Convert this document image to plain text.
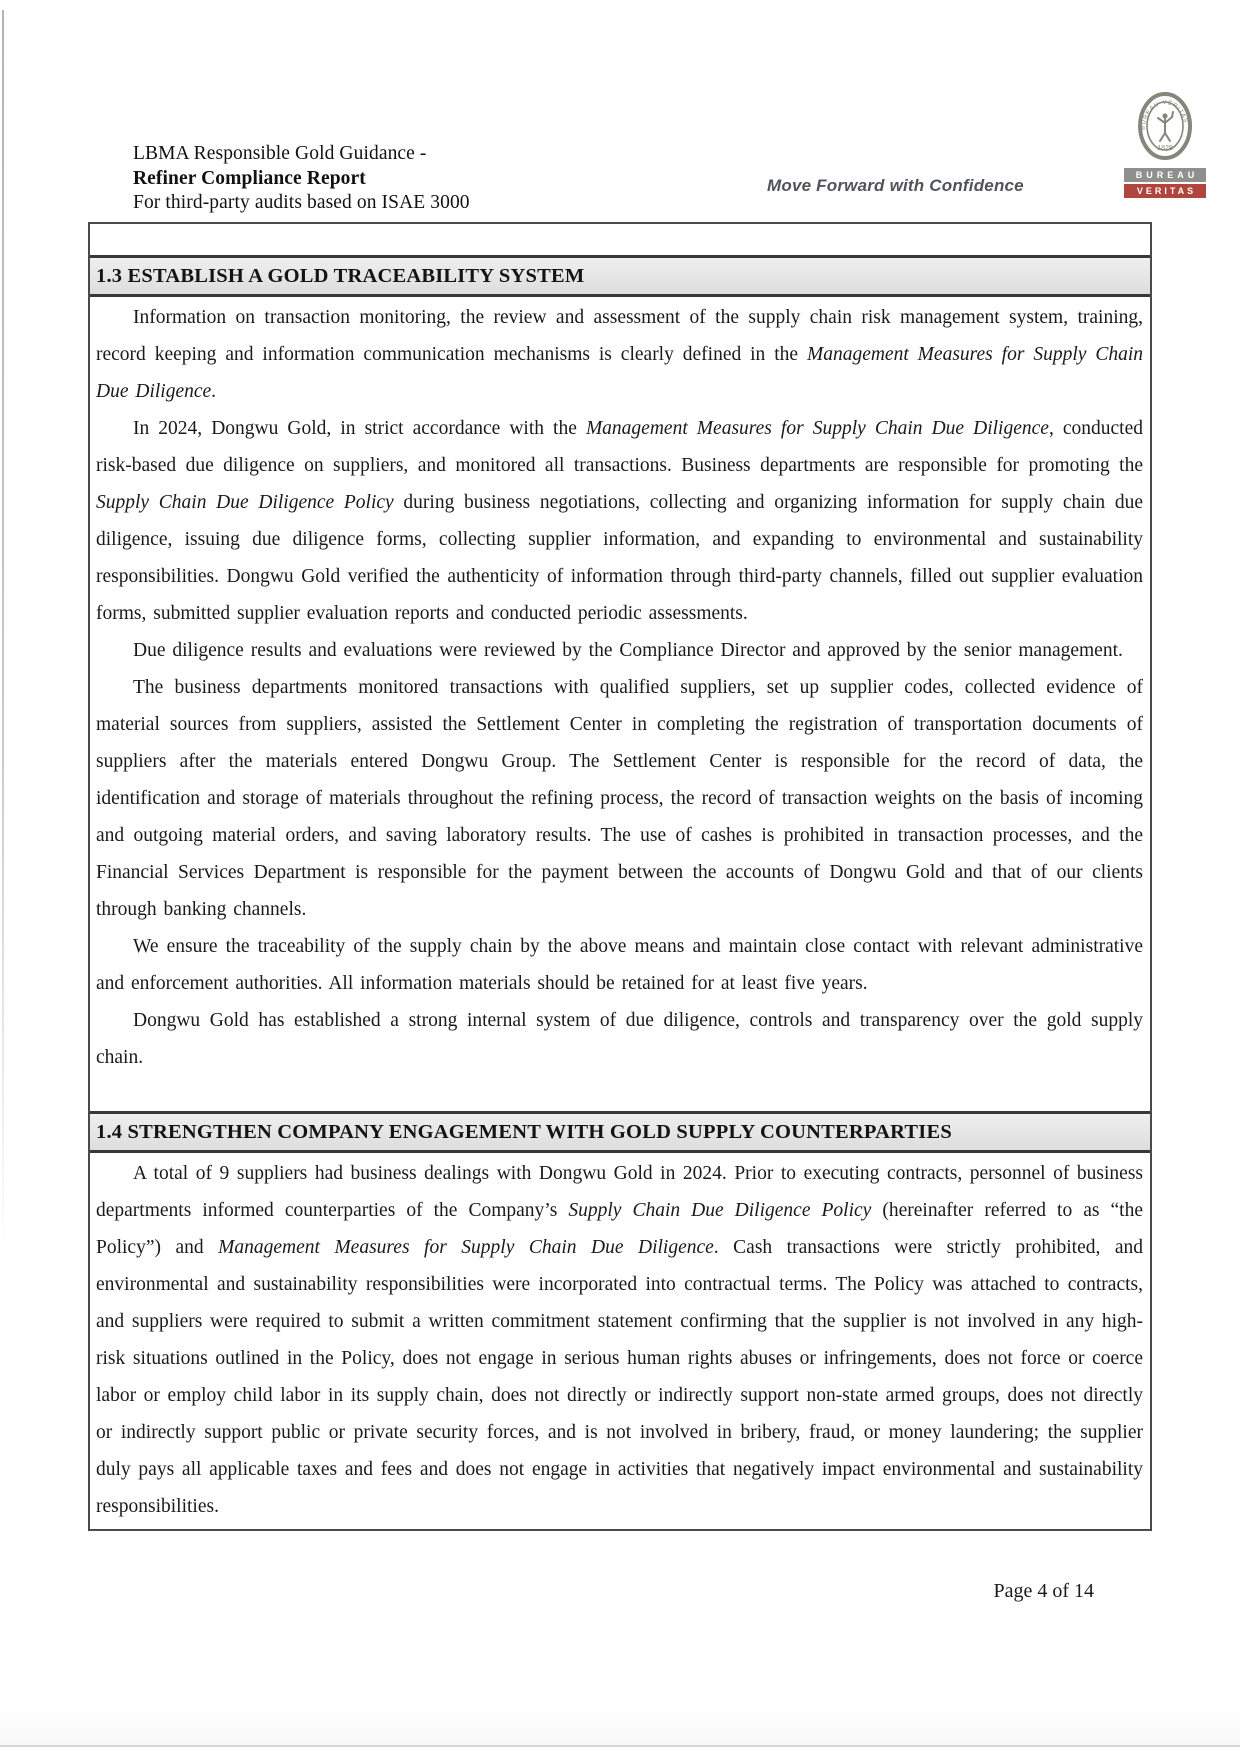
LBMA Responsible Gold Guidance -
Refiner Compliance Report
For third-party audits based on ISAE 3000
Move Forward with Confidence
BUREAU VERITAS
1828
BUREAU
VERITAS
1.3 ESTABLISH A GOLD TRACEABILITY SYSTEM

Information on transaction monitoring, the review and assessment of the supply chain risk management system, training, record keeping and information communication mechanisms is clearly defined in the Management Measures for Supply Chain Due Diligence.

In 2024, Dongwu Gold, in strict accordance with the Management Measures for Supply Chain Due Diligence, conducted risk-based due diligence on suppliers, and monitored all transactions. Business departments are responsible for promoting the Supply Chain Due Diligence Policy during business negotiations, collecting and organizing information for supply chain due diligence, issuing due diligence forms, collecting supplier information, and expanding to environmental and sustainability responsibilities. Dongwu Gold verified the authenticity of information through third-party channels, filled out supplier evaluation forms, submitted supplier evaluation reports and conducted periodic assessments.

Due diligence results and evaluations were reviewed by the Compliance Director and approved by the senior management.

The business departments monitored transactions with qualified suppliers, set up supplier codes, collected evidence of material sources from suppliers, assisted the Settlement Center in completing the registration of transportation documents of suppliers after the materials entered Dongwu Group. The Settlement Center is responsible for the record of data, the identification and storage of materials throughout the refining process, the record of transaction weights on the basis of incoming and outgoing material orders, and saving laboratory results. The use of cashes is prohibited in transaction processes, and the Financial Services Department is responsible for the payment between the accounts of Dongwu Gold and that of our clients through banking channels.

We ensure the traceability of the supply chain by the above means and maintain close contact with relevant administrative and enforcement authorities. All information materials should be retained for at least five years.

Dongwu Gold has established a strong internal system of due diligence, controls and transparency over the gold supply chain.

1.4 STRENGTHEN COMPANY ENGAGEMENT WITH GOLD SUPPLY COUNTERPARTIES

A total of 9 suppliers had business dealings with Dongwu Gold in 2024. Prior to executing contracts, personnel of business departments informed counterparties of the Company’s Supply Chain Due Diligence Policy (hereinafter referred to as “the Policy”) and Management Measures for Supply Chain Due Diligence. Cash transactions were strictly prohibited, and environmental and sustainability responsibilities were incorporated into contractual terms. The Policy was attached to contracts, and suppliers were required to submit a written commitment statement confirming that the supplier is not involved in any high-risk situations outlined in the Policy, does not engage in serious human rights abuses or infringements, does not force or coerce labor or employ child labor in its supply chain, does not directly or indirectly support non-state armed groups, does not directly or indirectly support public or private security forces, and is not involved in bribery, fraud, or money laundering; the supplier duly pays all applicable taxes and fees and does not engage in activities that negatively impact environmental and sustainability responsibilities.

Page 4 of 14
